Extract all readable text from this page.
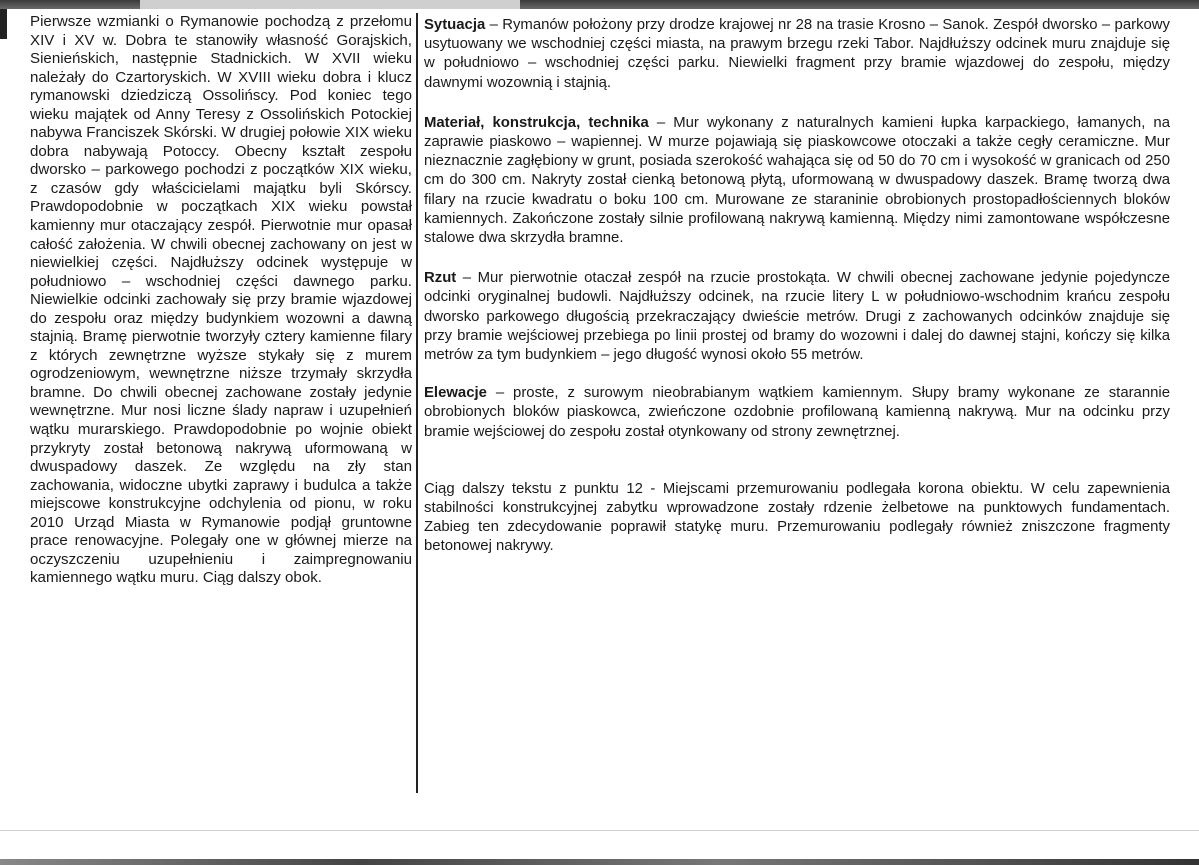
Pierwsze wzmianki o Rymanowie pochodzą z przełomu XIV i XV w. Dobra te stanowiły własność Gorajskich, Sienieńskich, następnie Stadnickich. W XVII wieku należały do Czartoryskich. W XVIII wieku dobra i klucz rymanowski dziedziczą Ossolińscy. Pod koniec tego wieku majątek od Anny Teresy z Ossolińskich Potockiej nabywa Franciszek Skórski. W drugiej połowie XIX wieku dobra nabywają Potoccy. Obecny kształt zespołu dworsko – parkowego pochodzi z początków XIX wieku, z czasów gdy właścicielami majątku byli Skórscy. Prawdopodobnie w początkach XIX wieku powstał kamienny mur otaczający zespół. Pierwotnie mur opasał całość założenia. W chwili obecnej zachowany on jest w niewielkiej części. Najdłuższy odcinek występuje w południowo – wschodniej części dawnego parku. Niewielkie odcinki zachowały się przy bramie wjazdowej do zespołu oraz między budynkiem wozowni a dawną stajnią. Bramę pierwotnie tworzyły cztery kamienne filary z których zewnętrzne wyższe stykały się z murem ogrodzeniowym, wewnętrzne niższe trzymały skrzydła bramne. Do chwili obecnej zachowane zostały jedynie wewnętrzne. Mur nosi liczne ślady napraw i uzupełnień wątku murarskiego. Prawdopodobnie po wojnie obiekt przykryty został betonową nakrywą uformowaną w dwuspadowy daszek. Ze względu na zły stan zachowania, widoczne ubytki zaprawy i budulca a także miejscowe konstrukcyjne odchylenia od pionu, w roku 2010 Urząd Miasta w Rymanowie podjął gruntowne prace renowacyjne. Polegały one w głównej mierze na oczyszczeniu uzupełnieniu i zaimpregnowaniu kamiennego wątku muru. Ciąg dalszy obok.

Sytuacja – Rymanów położony przy drodze krajowej nr 28 na trasie Krosno – Sanok. Zespół dworsko – parkowy usytuowany we wschodniej części miasta, na prawym brzegu rzeki Tabor. Najdłuższy odcinek muru znajduje się w południowo – wschodniej części parku. Niewielki fragment przy bramie wjazdowej do zespołu, między dawnymi wozownią i stajnią.

Materiał, konstrukcja, technika – Mur wykonany z naturalnych kamieni łupka karpackiego, łamanych, na zaprawie piaskowo – wapiennej. W murze pojawiają się piaskowcowe otoczaki a także cegły ceramiczne. Mur nieznacznie zagłębiony w grunt, posiada szerokość wahająca się od 50 do 70 cm i wysokość w granicach od 250 cm do 300 cm. Nakryty został cienką betonową płytą, uformowaną w dwuspadowy daszek. Bramę tworzą dwa filary na rzucie kwadratu o boku 100 cm. Murowane ze staraninie obrobionych prostopadłościennych bloków kamiennych. Zakończone zostały silnie profilowaną nakrywą kamienną. Między nimi zamontowane współczesne stalowe dwa skrzydła bramne.

Rzut – Mur pierwotnie otaczał zespół na rzucie prostokąta. W chwili obecnej zachowane jedynie pojedyncze odcinki oryginalnej budowli. Najdłuższy odcinek, na rzucie litery L w południowo-wschodnim krańcu zespołu dworsko parkowego długością przekraczający dwieście metrów. Drugi z zachowanych odcinków znajduje się przy bramie wejściowej przebiega po linii prostej od bramy do wozowni i dalej do dawnej stajni, kończy się kilka metrów za tym budynkiem – jego długość wynosi około 55 metrów.

Elewacje – proste, z surowym nieobrabianym wątkiem kamiennym. Słupy bramy wykonane ze starannie obrobionych bloków piaskowca, zwieńczone ozdobnie profilowaną kamienną nakrywą. Mur na odcinku przy bramie wejściowej do zespołu został otynkowany od strony zewnętrznej.

Ciąg dalszy tekstu z punktu 12 - Miejscami przemurowaniu podlegała korona obiektu. W celu zapewnienia stabilności konstrukcyjnej zabytku wprowadzone zostały rdzenie żelbetowe na punktowych fundamentach. Zabieg ten zdecydowanie poprawił statykę muru. Przemurowaniu podlegały również zniszczone fragmenty betonowej nakrywy.
